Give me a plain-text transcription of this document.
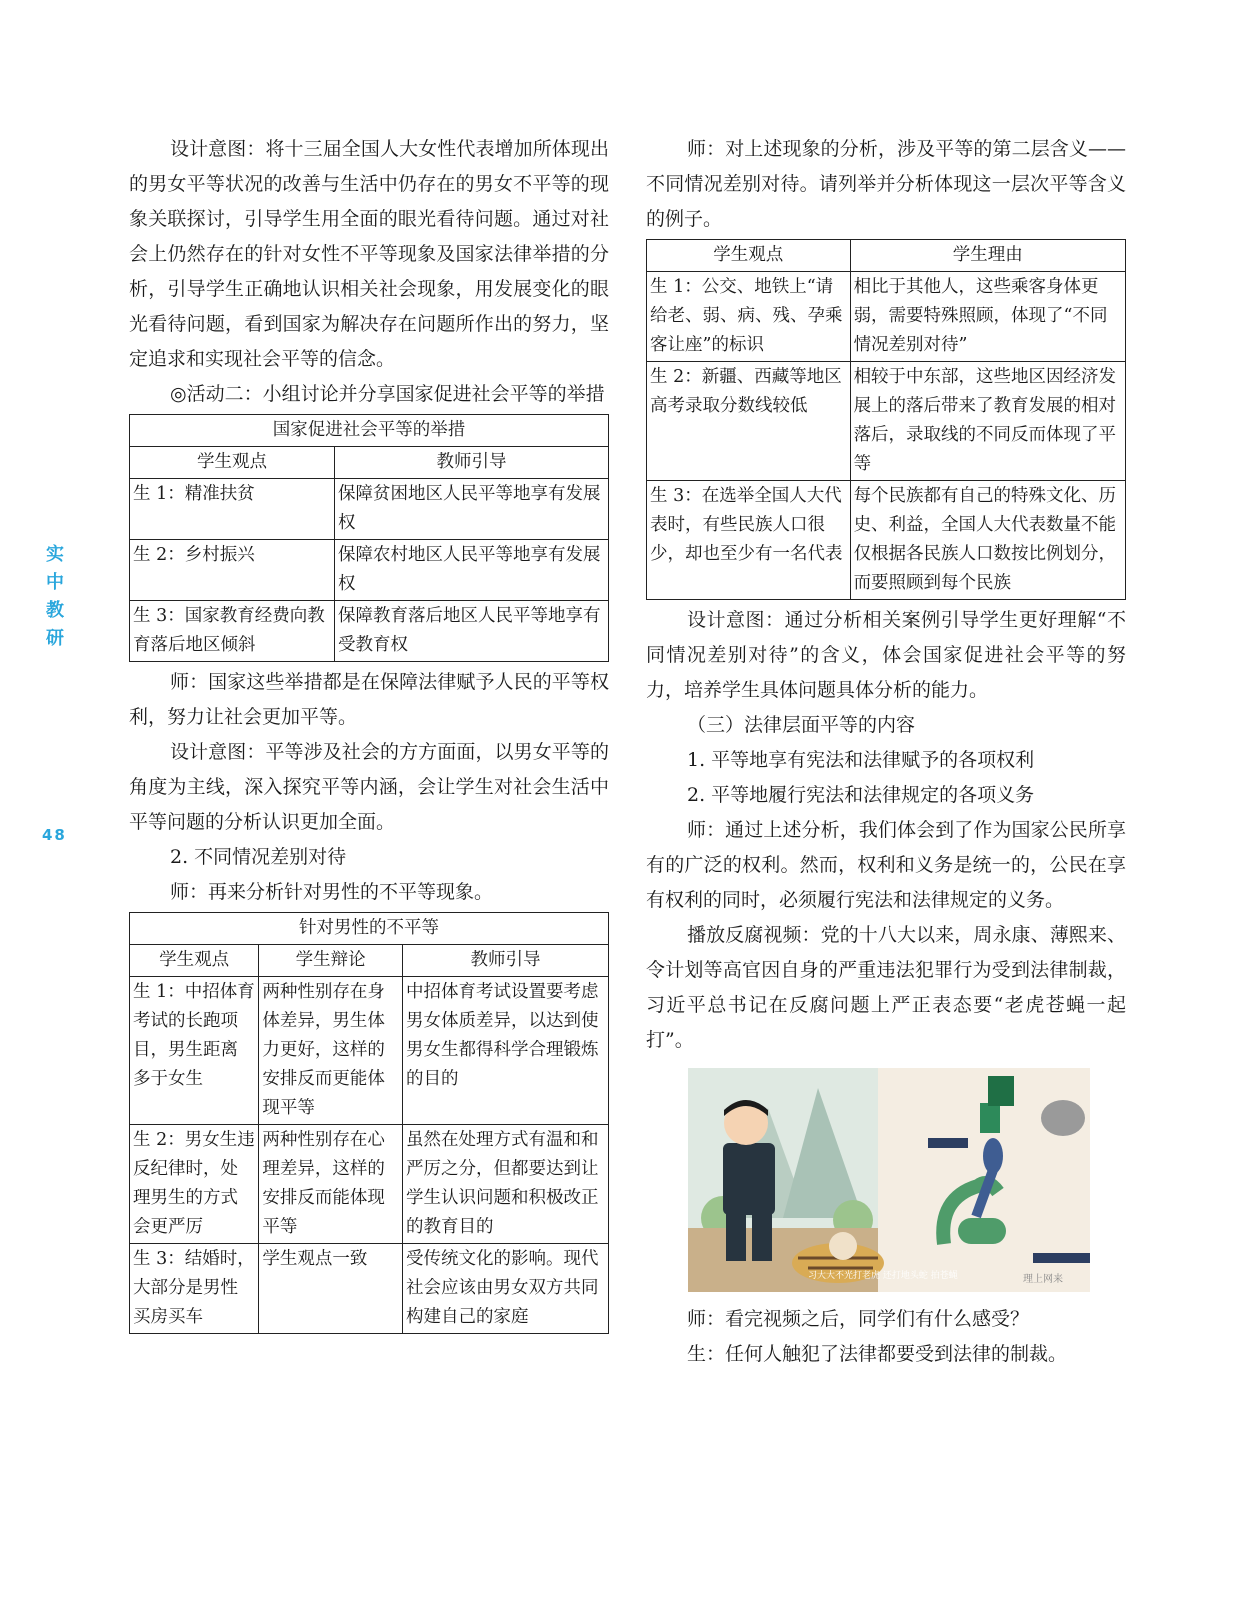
实
中
教
研
48

设计意图：将十三届全国人大女性代表增加所体现出的男女平等状况的改善与生活中仍存在的男女不平等的现象关联探讨，引导学生用全面的眼光看待问题。通过对社会上仍然存在的针对女性不平等现象及国家法律举措的分析，引导学生正确地认识相关社会现象，用发展变化的眼光看待问题，看到国家为解决存在问题所作出的努力，坚定追求和实现社会平等的信念。

◎活动二：小组讨论并分享国家促进社会平等的举措

国家促进社会平等的举措	
学生观点	教师引导
生 1：精准扶贫	保障贫困地区人民平等地享有发展权
生 2：乡村振兴	保障农村地区人民平等地享有发展权
生 3：国家教育经费向教育落后地区倾斜	保障教育落后地区人民平等地享有受教育权

师：国家这些举措都是在保障法律赋予人民的平等权利，努力让社会更加平等。

设计意图：平等涉及社会的方方面面，以男女平等的角度为主线，深入探究平等内涵，会让学生对社会生活中平等问题的分析认识更加全面。

2. 不同情况差别对待

师：再来分析针对男性的不平等现象。

针对男性的不平等		
学生观点	学生辩论	教师引导
生 1：中招体育考试的长跑项目，男生距离多于女生	两种性别存在身体差异，男生体力更好，这样的安排反而更能体现平等	中招体育考试设置要考虑男女体质差异，以达到使男女生都得科学合理锻炼的目的
生 2：男女生违反纪律时，处理男生的方式会更严厉	两种性别存在心理差异，这样的安排反而能体现平等	虽然在处理方式有温和和严厉之分，但都要达到让学生认识问题和积极改正的教育目的
生 3：结婚时，大部分是男性买房买车	学生观点一致	受传统文化的影响。现代社会应该由男女双方共同构建自己的家庭

师：对上述现象的分析，涉及平等的第二层含义——不同情况差别对待。请列举并分析体现这一层次平等含义的例子。

学生观点	学生理由
生 1：公交、地铁上“请给老、弱、病、残、孕乘客让座”的标识	相比于其他人，这些乘客身体更弱，需要特殊照顾，体现了“不同情况差别对待”
生 2：新疆、西藏等地区高考录取分数线较低	相较于中东部，这些地区因经济发展上的落后带来了教育发展的相对落后，录取线的不同反而体现了平等
生 3：在选举全国人大代表时，有些民族人口很少，却也至少有一名代表	每个民族都有自己的特殊文化、历史、利益，全国人大代表数量不能仅根据各民族人口数按比例划分，而要照顾到每个民族

设计意图：通过分析相关案例引导学生更好理解“不同情况差别对待”的含义，体会国家促进社会平等的努力，培养学生具体问题具体分析的能力。

（三）法律层面平等的内容

1. 平等地享有宪法和法律赋予的各项权利

2. 平等地履行宪法和法律规定的各项义务

师：通过上述分析，我们体会到了作为国家公民所享有的广泛的权利。然而，权利和义务是统一的，公民在享有权利的同时，必须履行宪法和法律规定的义务。

播放反腐视频：党的十八大以来，周永康、薄熙来、令计划等高官因自身的严重违法犯罪行为受到法律制裁，习近平总书记在反腐问题上严正表态要“老虎苍蝇一起打”。

习大大不光打老虎 还打地头蛇 拍苍蝇	理上网来

师：看完视频之后，同学们有什么感受？

生：任何人触犯了法律都要受到法律的制裁。
